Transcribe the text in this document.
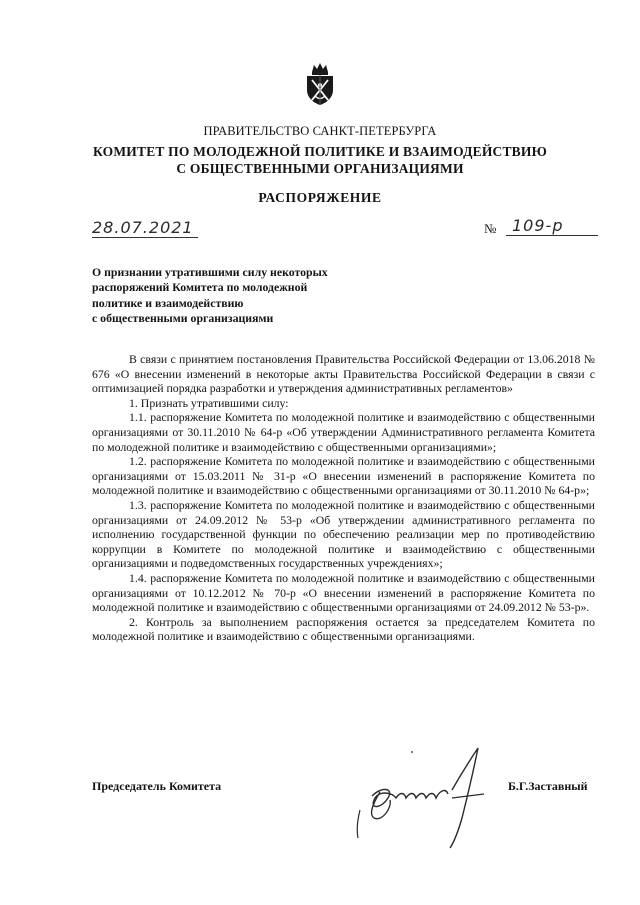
ПРАВИТЕЛЬСТВО САНКТ-ПЕТЕРБУРГА
КОМИТЕТ ПО МОЛОДЕЖНОЙ ПОЛИТИКЕ И ВЗАИМОДЕЙСТВИЮ
С ОБЩЕСТВЕННЫМИ ОРГАНИЗАЦИЯМИ
РАСПОРЯЖЕНИЕ
28.07.2021	№ 109-р
О признании утратившими силу некоторых
распоряжений Комитета по молодежной
политике и взаимодействию
с общественными организациями

В связи с принятием постановления Правительства Российской Федерации от 13.06.2018 № 676 «О внесении изменений в некоторые акты Правительства Российской Федерации в связи с оптимизацией порядка разработки и утверждения административных регламентов»

1. Признать утратившими силу:

1.1. распоряжение Комитета по молодежной политике и взаимодействию с общественными организациями от 30.11.2010 № 64-р «Об утверждении Административного регламента Комитета по молодежной политике и взаимодействию с общественными организациями»;

1.2. распоряжение Комитета по молодежной политике и взаимодействию с общественными организациями от 15.03.2011 № 31-р «О внесении изменений в распоряжение Комитета по молодежной политике и взаимодействию с общественными организациями от 30.11.2010 № 64-р»;

1.3. распоряжение Комитета по молодежной политике и взаимодействию с общественными организациями от 24.09.2012 № 53-р «Об утверждении административного регламента по исполнению государственной функции по обеспечению реализации мер по противодействию коррупции в Комитете по молодежной политике и взаимодействию с общественными организациями и подведомственных государственных учреждениях»;

1.4. распоряжение Комитета по молодежной политике и взаимодействию с общественными организациями от 10.12.2012 № 70-р «О внесении изменений в распоряжение Комитета по молодежной политике и взаимодействию с общественными организациями от 24.09.2012 № 53-р».

2. Контроль за выполнением распоряжения остается за председателем Комитета по молодежной политике и взаимодействию с общественными организациями.

Председатель Комитета	Б.Г.Заставный
